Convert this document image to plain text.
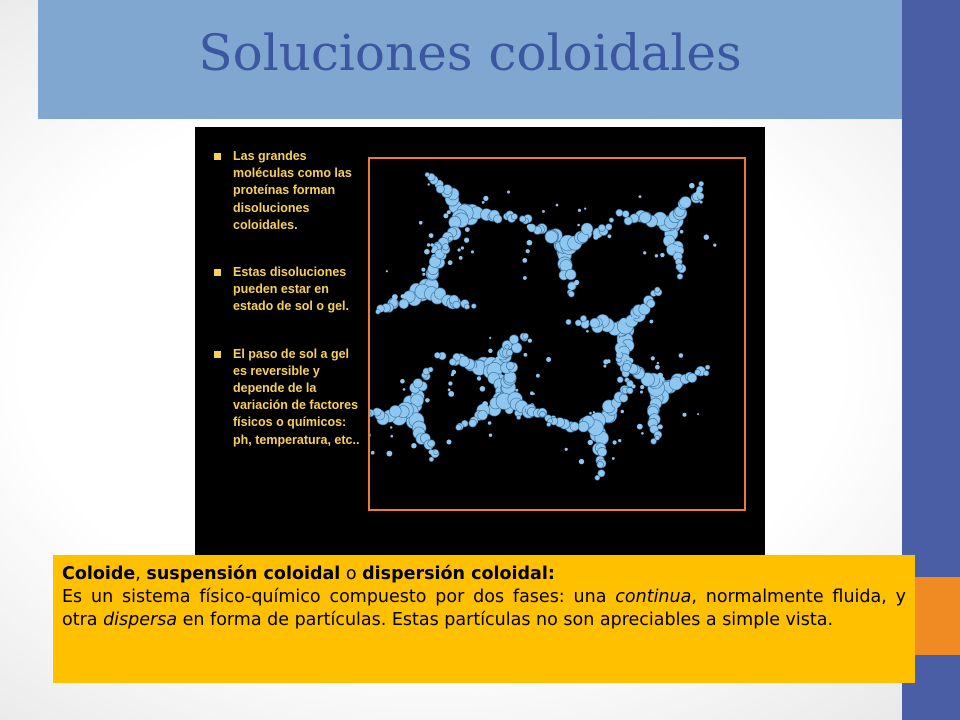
Soluciones coloidales
Las grandes moléculas como las proteínas forman disoluciones coloidales.
Estas disoluciones pueden estar en estado de sol o gel.
El paso de sol a gel es reversible y depende de la variación de factores físicos o químicos: ph, temperatura, etc..

Coloide, suspensión coloidal o dispersión coloidal:

Es un sistema físico-químico compuesto por dos fases: una continua, normalmente fluida, y otra dispersa en forma de partículas. Estas partículas no son apreciables a simple vista.
